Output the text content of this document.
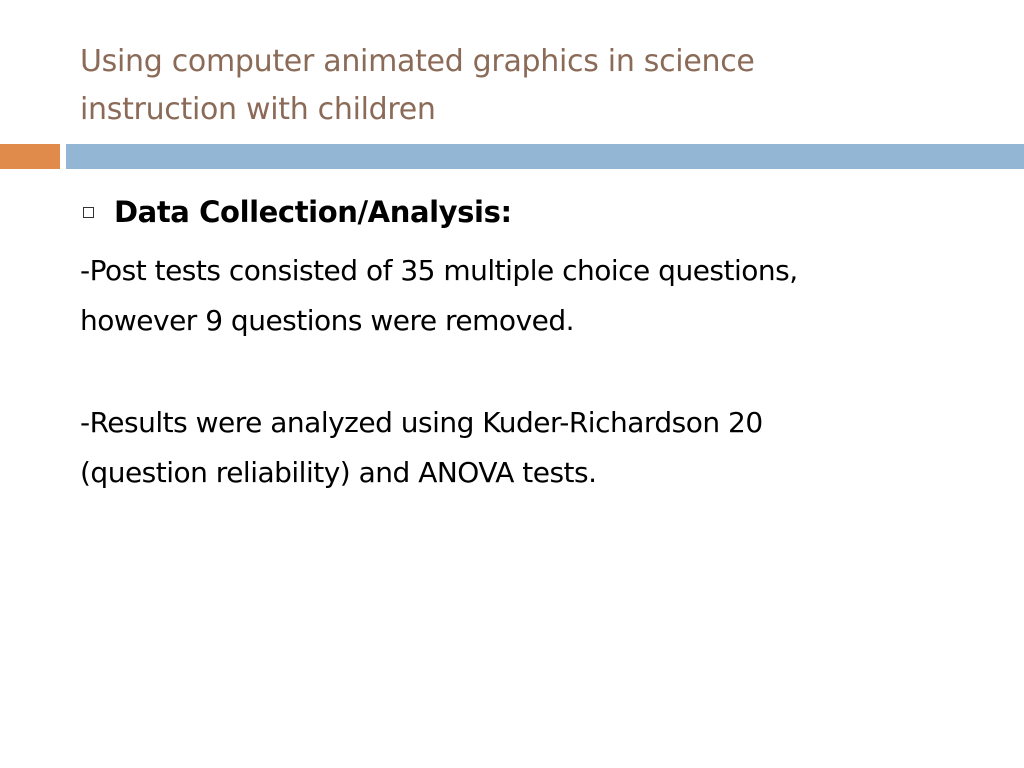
Using computer animated graphics in science
instruction with children
Data Collection/Analysis:

-Post tests consisted of 35 multiple choice questions,
however 9 questions were removed.

-Results were analyzed using Kuder-Richardson 20
(question reliability) and ANOVA tests.
